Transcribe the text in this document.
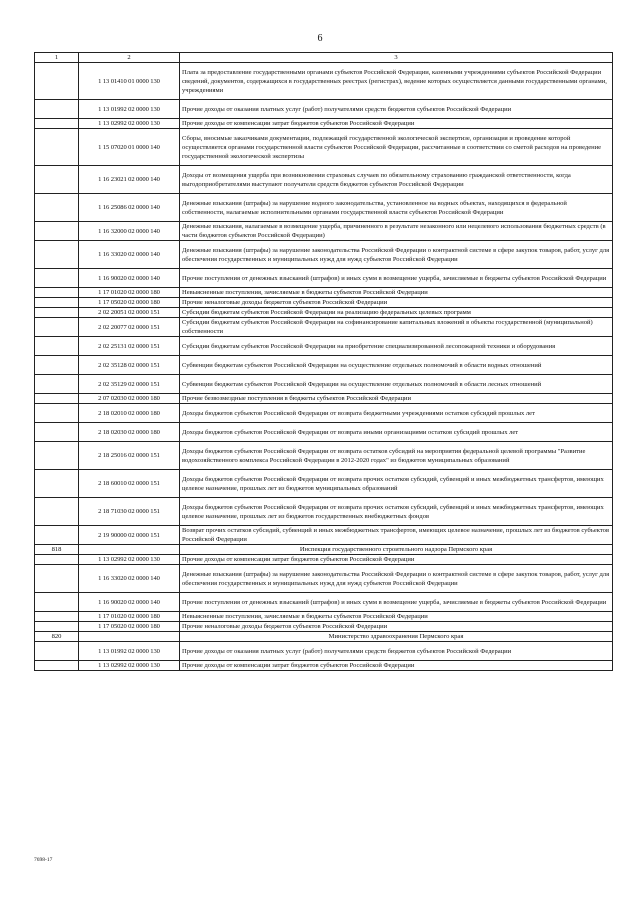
6
1	2	3
	1 13 01410 01 0000 130	Плата за предоставление государственными органами субъектов Российской Федерации, казенными учреждениями субъектов Российской Федерации сведений, документов, содержащихся в государственных реестрах (регистрах), ведение которых осуществляется данными государственными органами, учреждениями
	1 13 01992 02 0000 130	Прочие доходы от оказания платных услуг (работ) получателями средств бюджетов субъектов Российской Федерации
	1 13 02992 02 0000 130	Прочие доходы от компенсации затрат бюджетов субъектов Российской Федерации
	1 15 07020 01 0000 140	Сборы, вносимые заказчиками документации, подлежащей государственной экологической экспертизе, организация и проведение которой осуществляется органами государственной власти субъектов Российской Федерации, рассчитанные в соответствии со сметой расходов на проведение государственной экологической экспертизы
	1 16 23021 02 0000 140	Доходы от возмещения ущерба при возникновении страховых случаев по обязательному страхованию гражданской ответственности, когда выгодоприобретателями выступают получатели средств бюджетов субъектов Российской Федерации
	1 16 25086 02 0000 140	Денежные взыскания (штрафы) за нарушение водного законодательства, установленное на водных объектах, находящихся в федеральной собственности, налагаемые исполнительными органами государственной власти субъектов Российской Федерации
	1 16 32000 02 0000 140	Денежные взыскания, налагаемые в возмещение ущерба, причиненного в результате незаконного или нецелевого использования бюджетных средств (в части бюджетов субъектов Российской Федерации)
	1 16 33020 02 0000 140	Денежные взыскания (штрафы) за нарушение законодательства Российской Федерации о контрактной системе в сфере закупок товаров, работ, услуг для обеспечения государственных и муниципальных нужд для нужд субъектов Российской Федерации
	1 16 90020 02 0000 140	Прочие поступления от денежных взысканий (штрафов) и иных сумм в возмещение ущерба, зачисляемые в бюджеты субъектов Российской Федерации
	1 17 01020 02 0000 180	Невыясненные поступления, зачисляемые в бюджеты субъектов Российской Федерации
	1 17 05020 02 0000 180	Прочие неналоговые доходы бюджетов субъектов Российской Федерации
	2 02 20051 02 0000 151	Субсидии бюджетам субъектов Российской Федерации на реализацию федеральных целевых программ
	2 02 20077 02 0000 151	Субсидии бюджетам субъектов Российской Федерации на софинансирование капитальных вложений в объекты государственной (муниципальной) собственности
	2 02 25131 02 0000 151	Субсидии бюджетам субъектов Российской Федерации на приобретение специализированной лесопожарной техники и оборудования
	2 02 35128 02 0000 151	Субвенции бюджетам субъектов Российской Федерации на осуществление отдельных полномочий в области водных отношений
	2 02 35129 02 0000 151	Субвенции бюджетам субъектов Российской Федерации на осуществление отдельных полномочий в области лесных отношений
	2 07 02030 02 0000 180	Прочие безвозмездные поступления в бюджеты субъектов Российской Федерации
	2 18 02010 02 0000 180	Доходы бюджетов субъектов Российской Федерации от возврата бюджетными учреждениями остатков субсидий прошлых лет
	2 18 02030 02 0000 180	Доходы бюджетов субъектов Российской Федерации от возврата иными организациями остатков субсидий прошлых лет
	2 18 25016 02 0000 151	Доходы бюджетов субъектов Российской Федерации от возврата остатков субсидий на мероприятия федеральной целевой программы "Развитие водохозяйственного комплекса Российской Федерации в 2012-2020 годах" из бюджетов муниципальных образований
	2 18 60010 02 0000 151	Доходы бюджетов субъектов Российской Федерации от возврата прочих остатков субсидий, субвенций и иных межбюджетных трансфертов, имеющих целевое назначение, прошлых лет из бюджетов муниципальных образований
	2 18 71030 02 0000 151	Доходы бюджетов субъектов Российской Федерации от возврата прочих остатков субсидий, субвенций и иных межбюджетных трансфертов, имеющих целевое назначение, прошлых лет из бюджетов государственных внебюджетных фондов
	2 19 90000 02 0000 151	Возврат прочих остатков субсидий, субвенций и иных межбюджетных трансфертов, имеющих целевое назначение, прошлых лет из бюджетов субъектов Российской Федерации
818		Инспекция государственного строительного надзора Пермского края
	1 13 02992 02 0000 130	Прочие доходы от компенсации затрат бюджетов субъектов Российской Федерации
	1 16 33020 02 0000 140	Денежные взыскания (штрафы) за нарушение законодательства Российской Федерации о контрактной системе в сфере закупок товаров, работ, услуг для обеспечения государственных и муниципальных нужд для нужд субъектов Российской Федерации
	1 16 90020 02 0000 140	Прочие поступления от денежных взысканий (штрафов) и иных сумм в возмещение ущерба, зачисляемые в бюджеты субъектов Российской Федерации
	1 17 01020 02 0000 180	Невыясненные поступления, зачисляемые в бюджеты субъектов Российской Федерации
	1 17 05020 02 0000 180	Прочие неналоговые доходы бюджетов субъектов Российской Федерации
820		Министерство здравоохранения Пермского края
	1 13 01992 02 0000 130	Прочие доходы от оказания платных услуг (работ) получателями средств бюджетов субъектов Российской Федерации
	1 13 02992 02 0000 130	Прочие доходы от компенсации затрат бюджетов субъектов Российской Федерации
7698-17
